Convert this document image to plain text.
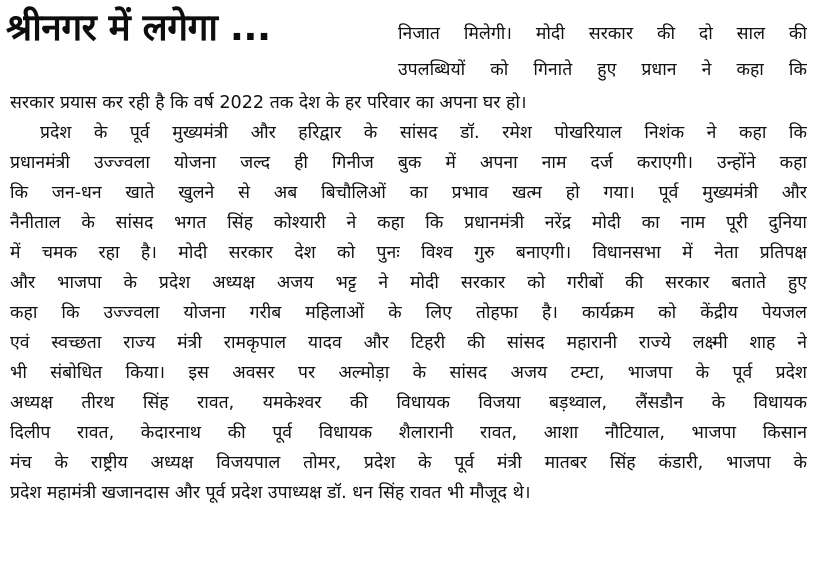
श्रीनगर में लगेगा ...	निजात मिलेगी। मोदी सरकार की दो साल की
उपलब्धियों को गिनाते हुए प्रधान ने कहा कि
सरकार प्रयास कर रही है कि वर्ष 2022 तक देश के हर परिवार का अपना घर हो।
प्रदेश के पूर्व मुख्यमंत्री और हरिद्वार के सांसद डॉ. रमेश पोखरियाल निशंक ने कहा कि
प्रधानमंत्री उज्ज्वला योजना जल्द ही गिनीज बुक में अपना नाम दर्ज कराएगी। उन्होंने कहा
कि जन-धन खाते खुलने से अब बिचौलिओं का प्रभाव खत्म हो गया। पूर्व मुख्यमंत्री और
नैनीताल के सांसद भगत सिंह कोश्यारी ने कहा कि प्रधानमंत्री नरेंद्र मोदी का नाम पूरी दुनिया
में चमक रहा है। मोदी सरकार देश को पुनः विश्व गुरु बनाएगी। विधानसभा में नेता प्रतिपक्ष
और भाजपा के प्रदेश अध्यक्ष अजय भट्ट ने मोदी सरकार को गरीबों की सरकार बताते हुए
कहा कि उज्ज्वला योजना गरीब महिलाओं के लिए तोहफा है। कार्यक्रम को केंद्रीय पेयजल
एवं स्वच्छता राज्य मंत्री रामकृपाल यादव और टिहरी की सांसद महारानी राज्ये लक्ष्मी शाह ने
भी संबोधित किया। इस अवसर पर अल्मोड़ा के सांसद अजय टम्टा, भाजपा के पूर्व प्रदेश
अध्यक्ष तीरथ सिंह रावत, यमकेश्वर की विधायक विजया बड़थ्वाल, लैंसडौन के विधायक
दिलीप रावत, केदारनाथ की पूर्व विधायक शैलारानी रावत, आशा नौटियाल, भाजपा किसान
मंच के राष्ट्रीय अध्यक्ष विजयपाल तोमर, प्रदेश के पूर्व मंत्री मातबर सिंह कंडारी, भाजपा के
प्रदेश महामंत्री खजानदास और पूर्व प्रदेश उपाध्यक्ष डॉ. धन सिंह रावत भी मौजूद थे।
